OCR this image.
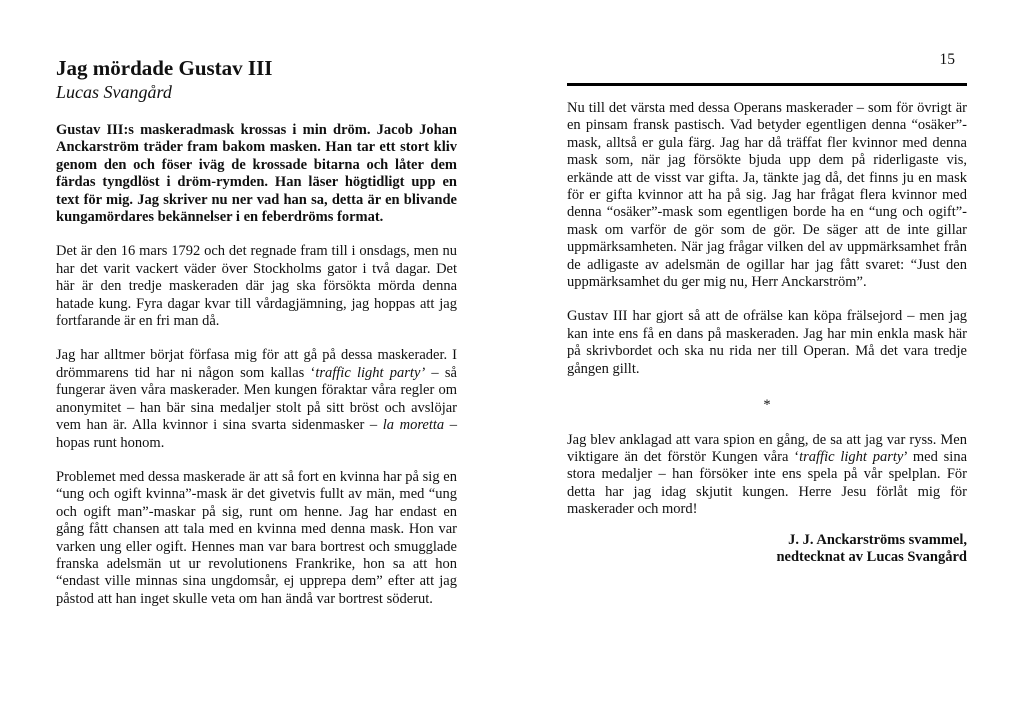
Jag mördade Gustav III
Lucas Svangård

Gustav III:s maskeradmask krossas i min dröm. Jacob Johan Anckarström träder fram bakom masken. Han tar ett stort kliv genom den och föser iväg de krossade bitarna och låter dem färdas tyngdlöst i dröm-rymden. Han läser högtidligt upp en text för mig. Jag skriver nu ner vad han sa, detta är en blivande kungamördares bekännelser i en feberdröms format.

Det är den 16 mars 1792 och det regnade fram till i onsdags, men nu har det varit vackert väder över Stockholms gator i två dagar. Det här är den tredje maskeraden där jag ska försökta mörda denna hatade kung. Fyra dagar kvar till vårdagjämning, jag hoppas att jag fortfarande är en fri man då.

Jag har alltmer börjat förfasa mig för att gå på dessa maskerader. I drömmarens tid har ni någon som kallas ‘traffic light party’ – så fungerar även våra maskerader. Men kungen föraktar våra regler om anonymitet – han bär sina medaljer stolt på sitt bröst och avslöjar vem han är. Alla kvinnor i sina svarta sidenmasker – la moretta – hopas runt honom.

Problemet med dessa maskerade är att så fort en kvinna har på sig en “ung och ogift kvinna”-mask är det givetvis fullt av män, med “ung och ogift man”-maskar på sig, runt om henne. Jag har endast en gång fått chansen att tala med en kvinna med denna mask. Hon var varken ung eller ogift. Hennes man var bara bortrest och smugglade franska adelsmän ut ur revolutionens Frankrike, hon sa att hon “endast ville minnas sina ungdomsår, ej upprepa dem” efter att jag påstod att han inget skulle veta om han ändå var bortrest söderut.

15

Nu till det värsta med dessa Operans maskerader – som för övrigt är en pinsam fransk pastisch. Vad betyder egentligen denna “osäker”-mask, alltså er gula färg. Jag har då träffat fler kvinnor med denna mask som, när jag försökte bjuda upp dem på riderligaste vis, erkände att de visst var gifta. Ja, tänkte jag då, det finns ju en mask för er gifta kvinnor att ha på sig. Jag har frågat flera kvinnor med denna “osäker”-mask som egentligen borde ha en “ung och ogift”-mask om varför de gör som de gör. De säger att de inte gillar uppmärksamheten. När jag frågar vilken del av uppmärksamhet från de adligaste av adelsmän de ogillar har jag fått svaret: “Just den uppmärksamhet du ger mig nu, Herr Anckarström”.

Gustav III har gjort så att de ofrälse kan köpa frälsejord – men jag kan inte ens få en dans på maskeraden. Jag har min enkla mask här på skrivbordet och ska nu rida ner till Operan. Må det vara tredje gången gillt.

*

Jag blev anklagad att vara spion en gång, de sa att jag var ryss. Men viktigare än det förstör Kungen våra ‘traffic light party’ med sina stora medaljer – han försöker inte ens spela på vår spelplan. För detta har jag idag skjutit kungen. Herre Jesu förlåt mig för maskerader och mord!

J. J. Anckarströms svammel,
nedtecknat av Lucas Svangård
